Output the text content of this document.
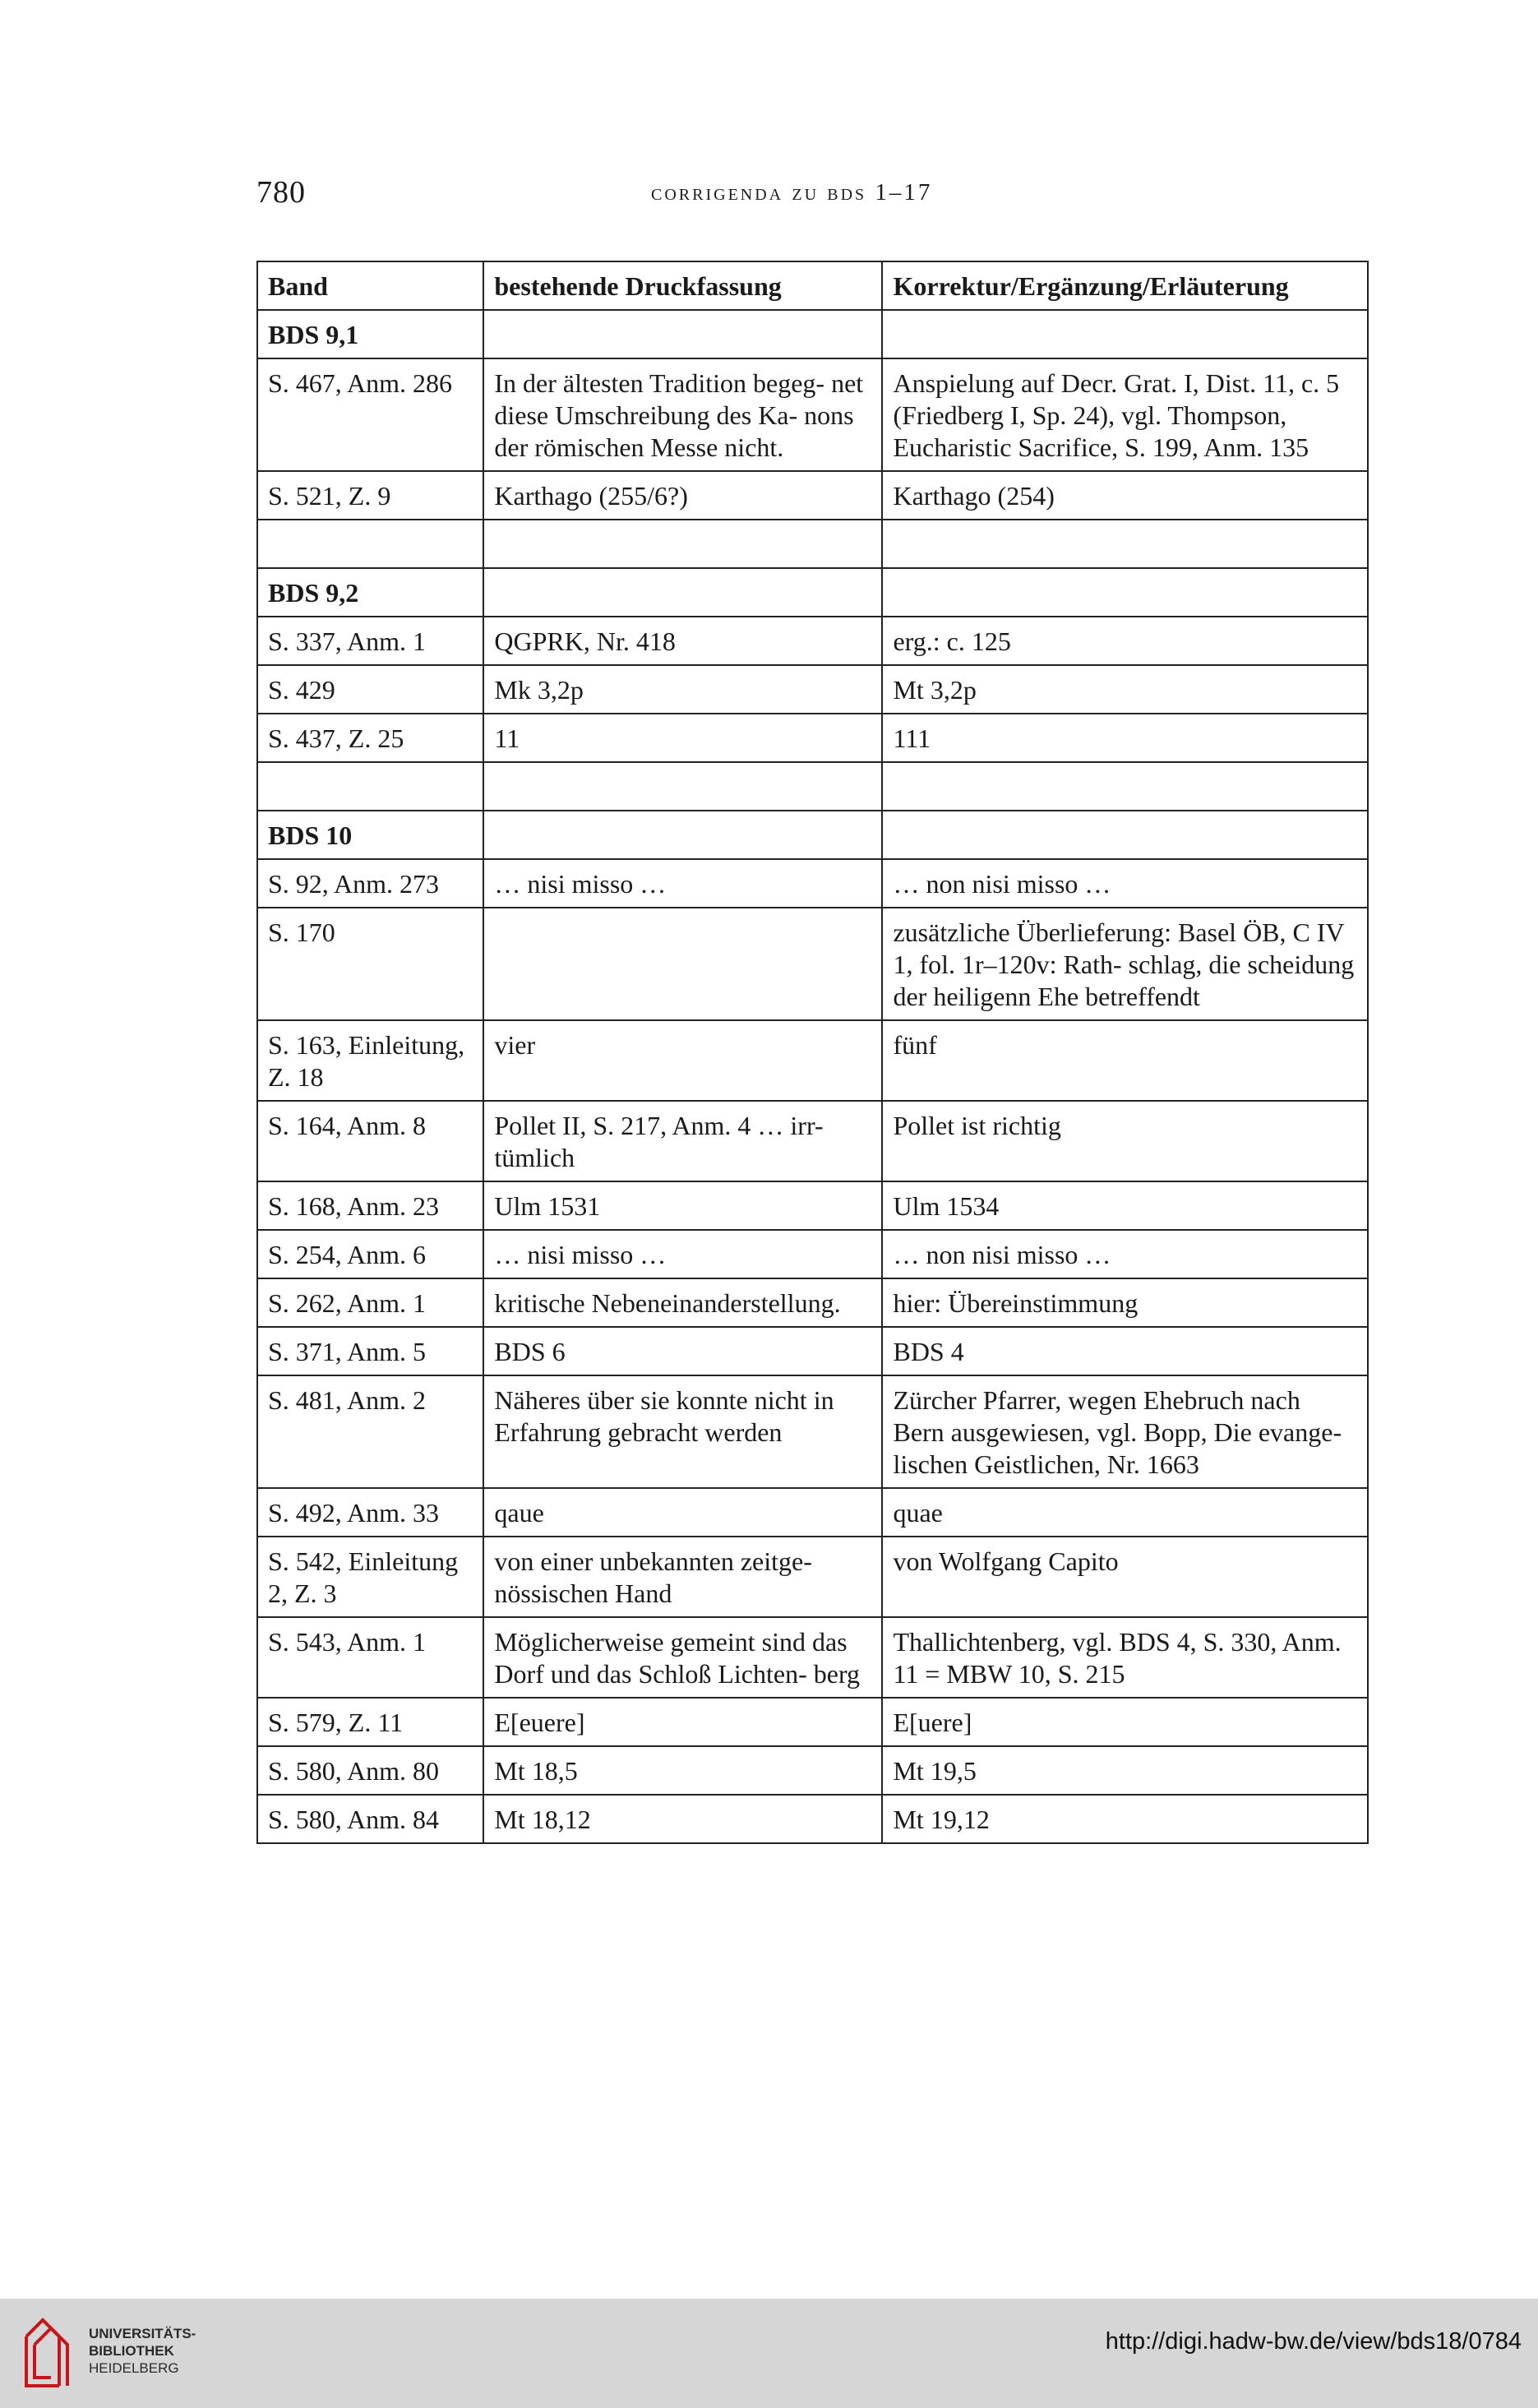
780	corrigenda zu bds 1–17
Band	bestehende Druckfassung	Korrektur/Ergänzung/Erläuterung
BDS 9,1		
S. 467, Anm. 286	In der ältesten Tradition begeg- net diese Umschreibung des Ka- nons der römischen Messe nicht.	Anspielung auf Decr. Grat. I, Dist. 11, c. 5 (Friedberg I, Sp. 24), vgl. Thompson, Eucharistic Sacrifice, S. 199, Anm. 135
S. 521, Z. 9	Karthago (255/6?)	Karthago (254)

BDS 9,2		
S. 337, Anm. 1	QGPRK, Nr. 418	erg.: c. 125
S. 429	Mk 3,2p	Mt 3,2p
S. 437, Z. 25	11	111

BDS 10		
S. 92, Anm. 273	… nisi misso …	… non nisi misso …
S. 170		zusätzliche Überlieferung: Basel ÖB, C IV 1, fol. 1r–120v: Rath- schlag, die scheidung der heiligenn Ehe betreffendt
S. 163, Einleitung, Z. 18	vier	fünf
S. 164, Anm. 8	Pollet II, S. 217, Anm. 4 … irr- tümlich	Pollet ist richtig
S. 168, Anm. 23	Ulm 1531	Ulm 1534
S. 254, Anm. 6	… nisi misso …	… non nisi misso …
S. 262, Anm. 1	kritische Nebeneinanderstellung.	hier: Übereinstimmung
S. 371, Anm. 5	BDS 6	BDS 4
S. 481, Anm. 2	Näheres über sie konnte nicht in Erfahrung gebracht werden	Zürcher Pfarrer, wegen Ehebruch nach Bern ausgewiesen, vgl. Bopp, Die evange- lischen Geistlichen, Nr. 1663
S. 492, Anm. 33	qaue	quae
S. 542, Einleitung 2, Z. 3	von einer unbekannten zeitge- nössischen Hand	von Wolfgang Capito
S. 543, Anm. 1	Möglicherweise gemeint sind das Dorf und das Schloß Lichten- berg	Thallichtenberg, vgl. BDS 4, S. 330, Anm. 11 = MBW 10, S. 215
S. 579, Z. 11	E[euere]	E[uere]
S. 580, Anm. 80	Mt 18,5	Mt 19,5
S. 580, Anm. 84	Mt 18,12	Mt 19,12
UNIVERSITÄTS-
BIBLIOTHEK
HEIDELBERG
http://digi.hadw-bw.de/view/bds18/0784
